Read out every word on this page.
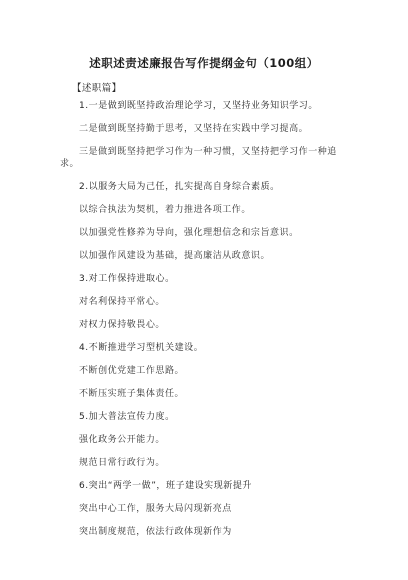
述职述责述廉报告写作提纲金句（100组）
【述职篇】
1.一是做到既坚持政治理论学习，又坚持业务知识学习。
二是做到既坚持勤于思考，又坚持在实践中学习提高。
三是做到既坚持把学习作为一种习惯，又坚持把学习作一种追
求。
2.以服务大局为己任，扎实提高自身综合素质。
以综合执法为契机，着力推进各项工作。
以加强党性修养为导向，强化理想信念和宗旨意识。
以加强作风建设为基础，提高廉洁从政意识。
3.对工作保持进取心。
对名利保持平常心。
对权力保持敬畏心。
4.不断推进学习型机关建设。
不断创优党建工作思路。
不断压实班子集体责任。
5.加大普法宣传力度。
强化政务公开能力。
规范日常行政行为。
6.突出“两学一做”，班子建设实现新提升
突出中心工作，服务大局闪现新亮点
突出制度规范，依法行政体现新作为
